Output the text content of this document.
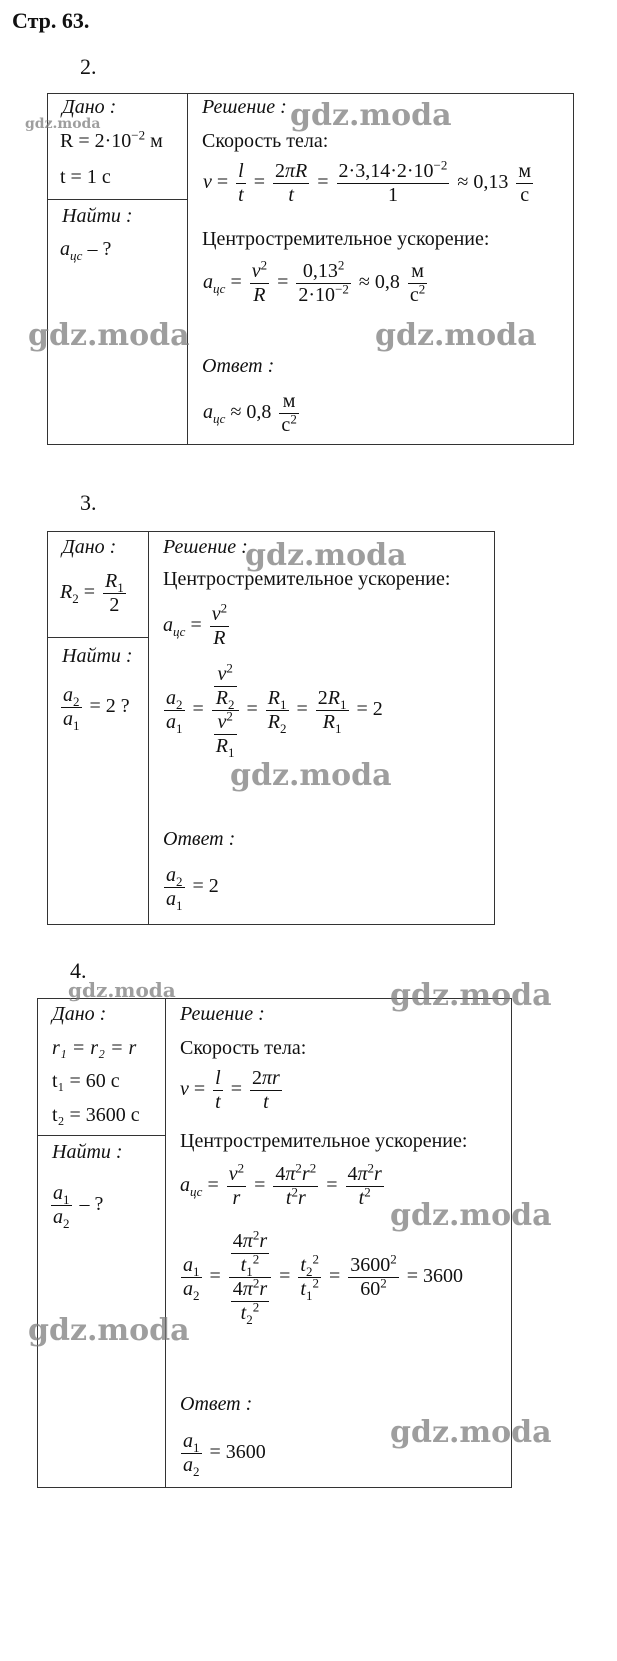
Стр. 63.
2.
Дано :
$R = 2\cdot 10^{-2}$ м
t = 1 с
Найти :
$a_{цс}$ – ?
Решение :
Скорость тела:
$v = \frac{l}{t} = \frac{2\pi R}{t} = \frac{2\cdot 3,14\cdot 2\cdot 10^{-2}}{1} \approx 0,13 \frac{м}{с}$
Центростремительное ускорение:
$a_{цс} = \frac{v^2}{R} = \frac{0,13^2}{2\cdot 10^{-2}} \approx 0,8 \frac{м}{с^2}$
Ответ :
$a_{цс} \approx 0,8 \frac{м}{с^2}$
3.
Дано :
$R_2 = \frac{R_1}{2}$
Найти :
$\frac{a_2}{a_1} = 2$ ?
Решение :
Центростремительное ускорение:
$a_{цс} = \frac{v^2}{R}$
$\frac{a_2}{a_1} = \frac{\frac{v^2}{R_2}}{\frac{v^2}{R_1}} = \frac{R_1}{R_2} = \frac{2R_1}{R_1} = 2$
Ответ :
$\frac{a_2}{a_1} = 2$
4.
Дано :
r₁ = r₂ = r
t₁ = 60 с
t₂ = 3600 с
Найти :
$\frac{a_1}{a_2}$ – ?
Решение :
Скорость тела:
$v = \frac{l}{t} = \frac{2\pi r}{t}$
Центростремительное ускорение:
$a_{цс} = \frac{v^2}{r} = \frac{4\pi^2r^2}{t^2r} = \frac{4\pi^2r}{t^2}$
$\frac{a_1}{a_2} = \frac{\frac{4\pi^2r}{t_1^2}}{\frac{4\pi^2r}{t_2^2}} = \frac{t_2^2}{t_1^2} = \frac{3600^2}{60^2} = 3600$
Ответ :
$\frac{a_1}{a_2} = 3600$
gdz.moda	gdz.moda
gdz.moda	gdz.moda
gdz.moda
gdz.moda
gdz.moda	gdz.moda
gdz.moda
gdz.moda
gdz.moda
